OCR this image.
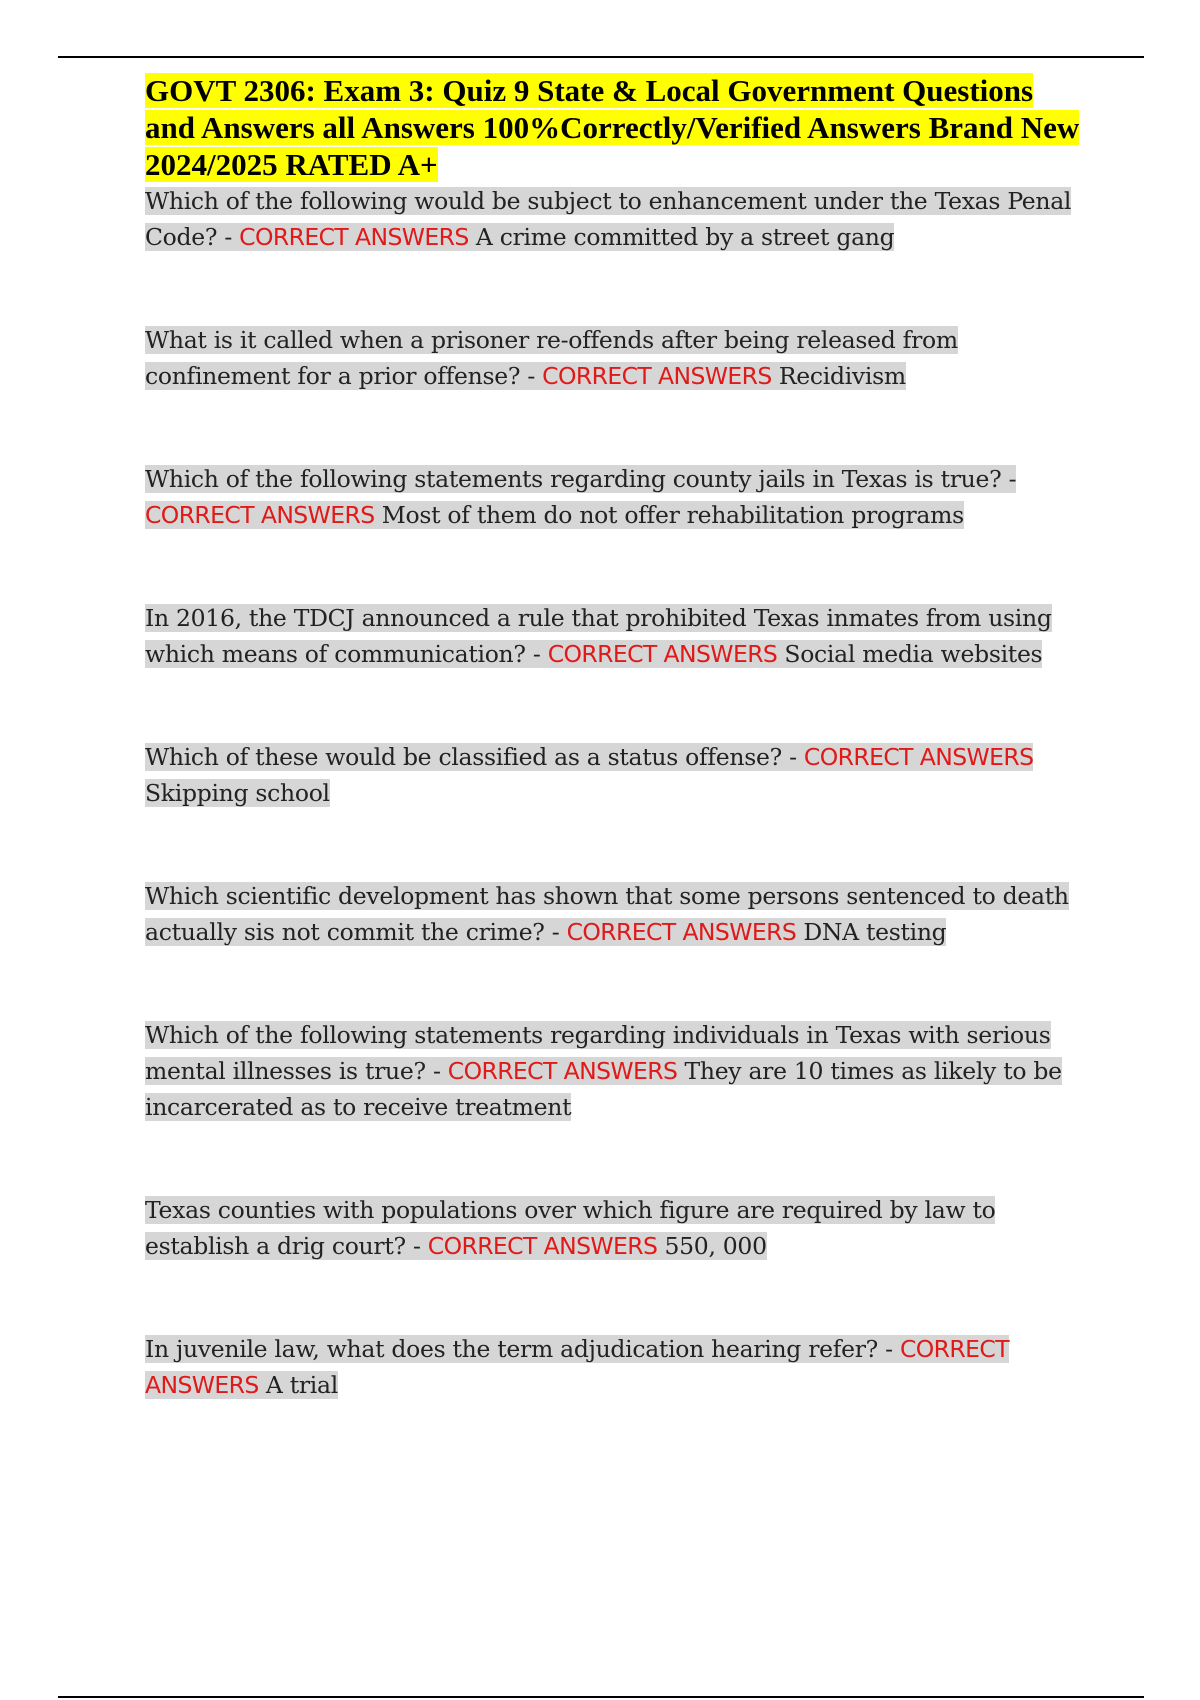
GOVT 2306: Exam 3: Quiz 9 State & Local Government Questions and Answers all Answers 100%Correctly/Verified Answers Brand New 2024/2025 RATED A+

Which of the following would be subject to enhancement under the Texas Penal Code? - CORRECT ANSWERS A crime committed by a street gang

What is it called when a prisoner re-offends after being released from confinement for a prior offense? - CORRECT ANSWERS Recidivism

Which of the following statements regarding county jails in Texas is true? - CORRECT ANSWERS Most of them do not offer rehabilitation programs

In 2016, the TDCJ announced a rule that prohibited Texas inmates from using which means of communication? - CORRECT ANSWERS Social media websites

Which of these would be classified as a status offense? - CORRECT ANSWERS Skipping school

Which scientific development has shown that some persons sentenced to death actually sis not commit the crime? - CORRECT ANSWERS DNA testing

Which of the following statements regarding individuals in Texas with serious mental illnesses is true? - CORRECT ANSWERS They are 10 times as likely to be incarcerated as to receive treatment

Texas counties with populations over which figure are required by law to establish a drig court? - CORRECT ANSWERS 550, 000

In juvenile law, what does the term adjudication hearing refer? - CORRECT ANSWERS A trial
